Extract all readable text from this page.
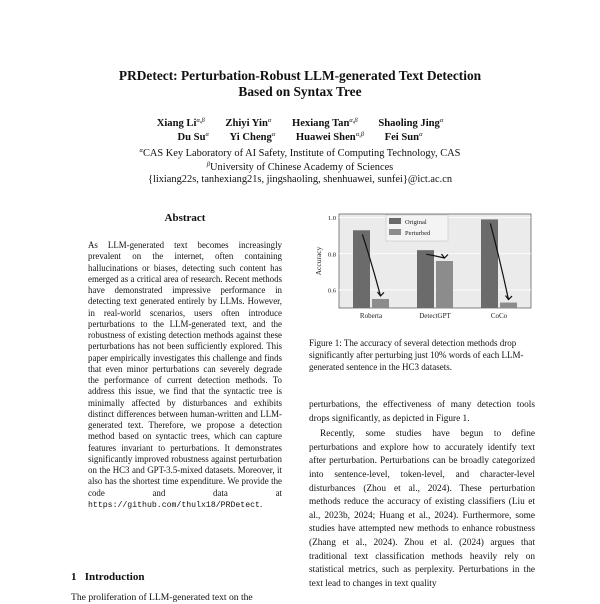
PRDetect: Perturbation-Robust LLM-generated Text Detection
Based on Syntax Tree
Xiang $Li^{\alpha,\beta}$ Zhiyi Yin$^\alpha$ Hexiang Tan$^{\alpha,\beta}$ Shaoling Jing$^\alpha$
Du $Su^\alpha$ Yi Cheng$^\alpha$ Huawei Shen$^{\alpha,\beta}$ Fei Sun$^\alpha$
$^\alpha$CAS Key Laboratory of AI Safety, Institute of Computing Technology, CAS
$^\beta$University of Chinese Academy of Sciences
{lixiang22s, tanhexiang21s, jingshaoling, shenhuawei, sunfei}@ict.ac.cn
Abstract

As LLM-generated text becomes increasingly prevalent on the internet, often containing hallucinations or biases, detecting such content has emerged as a critical area of research. Recent methods have demonstrated impressive performance in detecting text generated entirely by LLMs. However, in real-world scenarios, users often introduce perturbations to the LLM-generated text, and the robustness of existing detection methods against these perturbations has not been sufficiently explored. This paper empirically investigates this challenge and finds that even minor perturbations can severely degrade the performance of current detection methods. To address this issue, we find that the syntactic tree is minimally affected by disturbances and exhibits distinct differences between human-written and LLM-generated text. Therefore, we propose a detection method based on syntactic trees, which can capture features invariant to perturbations. It demonstrates significantly improved robustness against perturbation on the HC3 and GPT-3.5-mixed datasets. Moreover, it also has the shortest time expenditure. We provide the code and data at https://github.com/thulx18/PRDetect.

1 Introduction
The proliferation of LLM-generated text on the
0.6
0.8
1.0
Accuracy
Roberta	DetectGPT	CoCo
Original
Perturbed
Figure 1: The accuracy of several detection methods drop significantly after perturbing just 10% words of each LLM-generated sentence in the HC3 datasets.

perturbations, the effectiveness of many detection tools drops significantly, as depicted in Figure 1.

Recently, some studies have begun to define perturbations and explore how to accurately identify text after perturbation. Perturbations can be broadly categorized into sentence-level, token-level, and character-level disturbances (Zhou et al., 2024). These perturbation methods reduce the accuracy of existing classifiers (Liu et al., 2023b, 2024; Huang et al., 2024). Furthermore, some studies have attempted new methods to enhance robustness (Zhang et al., 2024). Zhou et al. (2024) argues that traditional text classification methods heavily rely on statistical metrics, such as perplexity. Perturbations in the text lead to changes in text quality
